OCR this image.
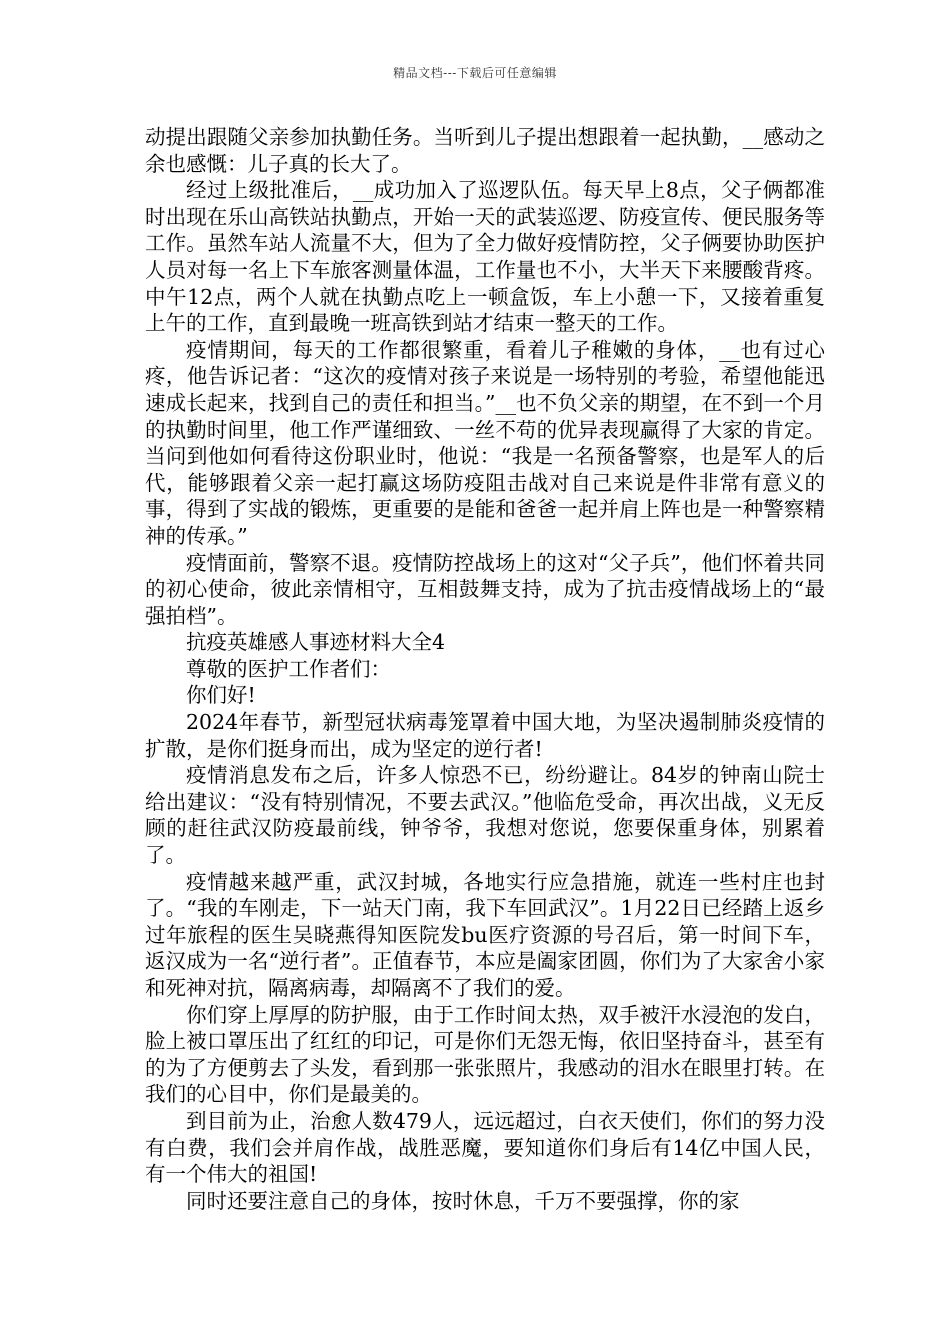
精品文档---下载后可任意编辑

动提出跟随父亲参加执勤任务。当听到儿子提出想跟着一起执勤，__感动之余也感慨：儿子真的长大了。

经过上级批准后，__成功加入了巡逻队伍。每天早上8点，父子俩都准时出现在乐山高铁站执勤点，开始一天的武装巡逻、防疫宣传、便民服务等工作。虽然车站人流量不大，但为了全力做好疫情防控，父子俩要协助医护人员对每一名上下车旅客测量体温，工作量也不小，大半天下来腰酸背疼。中午12点，两个人就在执勤点吃上一顿盒饭，车上小憩一下，又接着重复上午的工作，直到最晚一班高铁到站才结束一整天的工作。

疫情期间，每天的工作都很繁重，看着儿子稚嫩的身体，__也有过心疼，他告诉记者：“这次的疫情对孩子来说是一场特别的考验，希望他能迅速成长起来，找到自己的责任和担当。”__也不负父亲的期望，在不到一个月的执勤时间里，他工作严谨细致、一丝不苟的优异表现赢得了大家的肯定。当问到他如何看待这份职业时，他说：“我是一名预备警察，也是军人的后代，能够跟着父亲一起打赢这场防疫阻击战对自己来说是件非常有意义的事，得到了实战的锻炼，更重要的是能和爸爸一起并肩上阵也是一种警察精神的传承。”

疫情面前，警察不退。疫情防控战场上的这对“父子兵”，他们怀着共同的初心使命，彼此亲情相守，互相鼓舞支持，成为了抗击疫情战场上的“最强拍档”。

抗疫英雄感人事迹材料大全4

尊敬的医护工作者们：

你们好!

2024年春节，新型冠状病毒笼罩着中国大地，为坚决遏制肺炎疫情的扩散，是你们挺身而出，成为坚定的逆行者!

疫情消息发布之后，许多人惊恐不已，纷纷避让。84岁的钟南山院士给出建议：“没有特别情况，不要去武汉。”他临危受命，再次出战，义无反顾的赶往武汉防疫最前线，钟爷爷，我想对您说，您要保重身体，别累着了。

疫情越来越严重，武汉封城，各地实行应急措施，就连一些村庄也封了。“我的车刚走，下一站天门南，我下车回武汉”。1月22日已经踏上返乡过年旅程的医生吴晓燕得知医院发bu医疗资源的号召后，第一时间下车，返汉成为一名“逆行者”。正值春节，本应是阖家团圆，你们为了大家舍小家和死神对抗，隔离病毒，却隔离不了我们的爱。

你们穿上厚厚的防护服，由于工作时间太热，双手被汗水浸泡的发白，脸上被口罩压出了红红的印记，可是你们无怨无悔，依旧坚持奋斗，甚至有的为了方便剪去了头发，看到那一张张照片，我感动的泪水在眼里打转。在我们的心目中，你们是最美的。

到目前为止，治愈人数479人，远远超过，白衣天使们，你们的努力没有白费，我们会并肩作战，战胜恶魔，要知道你们身后有14亿中国人民，有一个伟大的祖国!

同时还要注意自己的身体，按时休息，千万不要强撑，你的家
